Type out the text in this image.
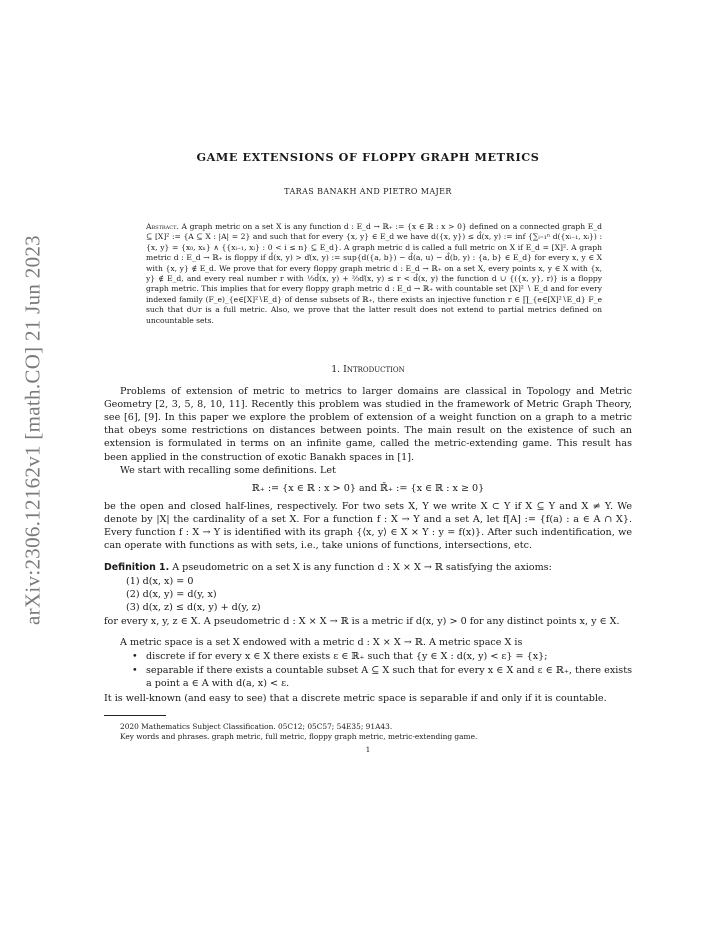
arXiv:2306.12162v1 [math.CO] 21 Jun 2023
GAME EXTENSIONS OF FLOPPY GRAPH METRICS
TARAS BANAKH AND PIETRO MAJER
Abstract. A graph metric on a set X is any function d : E_d → ℝ₊ := {x ∈ ℝ : x > 0} defined on a connected graph E_d ⊆ [X]² := {A ⊆ X : |A| = 2} and such that for every {x, y} ∈ E_d we have d({x, y}) ≤ d̂(x, y) := inf {∑ᵢ₌₁ⁿ d({xᵢ₋₁, xᵢ}) : {x, y} = {x₀, xₙ} ∧ {{xᵢ₋₁, xᵢ} : 0 < i ≤ n} ⊆ E_d}. A graph metric d is called a full metric on X if E_d = [X]². A graph metric d : E_d → ℝ₊ is floppy if d̂(x, y) > ď(x, y) := sup{d({a, b}) − d̂(a, u) − d̂(b, y) : {a, b} ∈ E_d} for every x, y ∈ X with {x, y} ∉ E_d. We prove that for every floppy graph metric d : E_d → ℝ₊ on a set X, every points x, y ∈ X with {x, y} ∉ E_d, and every real number r with ⅓d̂(x, y) + ⅔ď(x, y) ≤ r < d̂(x, y) the function d ∪ {({x, y}, r)} is a floppy graph metric. This implies that for every floppy graph metric d : E_d → ℝ₊ with countable set [X]² ∖ E_d and for every indexed family (F_e)_{e∈[X]²∖E_d} of dense subsets of ℝ₊, there exists an injective function r ∈ ∏_{e∈[X]²∖E_d} F_e such that d∪r is a full metric. Also, we prove that the latter result does not extend to partial metrics defined on uncountable sets.
1. Introduction

Problems of extension of metric to metrics to larger domains are classical in Topology and Metric Geometry [2, 3, 5, 8, 10, 11]. Recently this problem was studied in the framework of Metric Graph Theory, see [6], [9]. In this paper we explore the problem of extension of a weight function on a graph to a metric that obeys some restrictions on distances between points. The main result on the existence of such an extension is formulated in terms on an infinite game, called the metric-extending game. This result has been applied in the construction of exotic Banakh spaces in [1].

We start with recalling some definitions. Let

ℝ₊ := {x ∈ ℝ : x > 0} and ℝ̄₊ := {x ∈ ℝ : x ≥ 0}

be the open and closed half-lines, respectively. For two sets X, Y we write X ⊂ Y if X ⊆ Y and X ≠ Y. We denote by |X| the cardinality of a set X. For a function f : X → Y and a set A, let f[A] := {f(a) : a ∈ A ∩ X}. Every function f : X → Y is identified with its graph {⟨x, y⟩ ∈ X × Y : y = f(x)}. After such indentification, we can operate with functions as with sets, i.e., take unions of functions, intersections, etc.

Definition 1. A pseudometric on a set X is any function d : X × X → ℝ satisfying the axioms:

(1) d(x, x) = 0
(2) d(x, y) = d(y, x)
(3) d(x, z) ≤ d(x, y) + d(y, z)

for every x, y, z ∈ X. A pseudometric d : X × X → ℝ is a metric if d(x, y) > 0 for any distinct points x, y ∈ X.

A metric space is a set X endowed with a metric d : X × X → ℝ. A metric space X is

• discrete if for every x ∈ X there exists ε ∈ ℝ₊ such that {y ∈ X : d(x, y) < ε} = {x};
• separable if there exists a countable subset A ⊆ X such that for every x ∈ X and ε ∈ ℝ₊, there exists a point a ∈ A with d(a, x) < ε.

It is well-known (and easy to see) that a discrete metric space is separable if and only if it is countable.

2020 Mathematics Subject Classification. 05C12; 05C57; 54E35; 91A43.
Key words and phrases. graph metric, full metric, floppy graph metric, metric-extending game.
1
